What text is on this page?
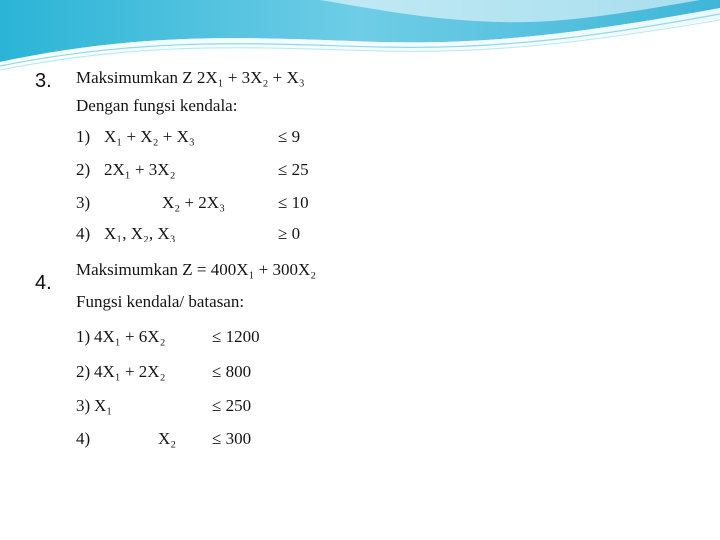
3.
4.
Maksimumkan Z 2X₁ + 3X₂ + X₃
Dengan fungsi kendala:
1) X₁ + X₂ + X₃	≤ 9
2) 2X₁ + 3X₂	≤ 25
3)	X₂ + 2X₃	≤ 10
4) X₁, X₂, X₃	≥ 0
Maksimumkan Z = 400X₁ + 300X₂
Fungsi kendala/ batasan:
1) 4X₁ + 6X₂	≤ 1200
2) 4X₁ + 2X₂	≤ 800
3) X₁	≤ 250
4)	X₂ ≤ 300
